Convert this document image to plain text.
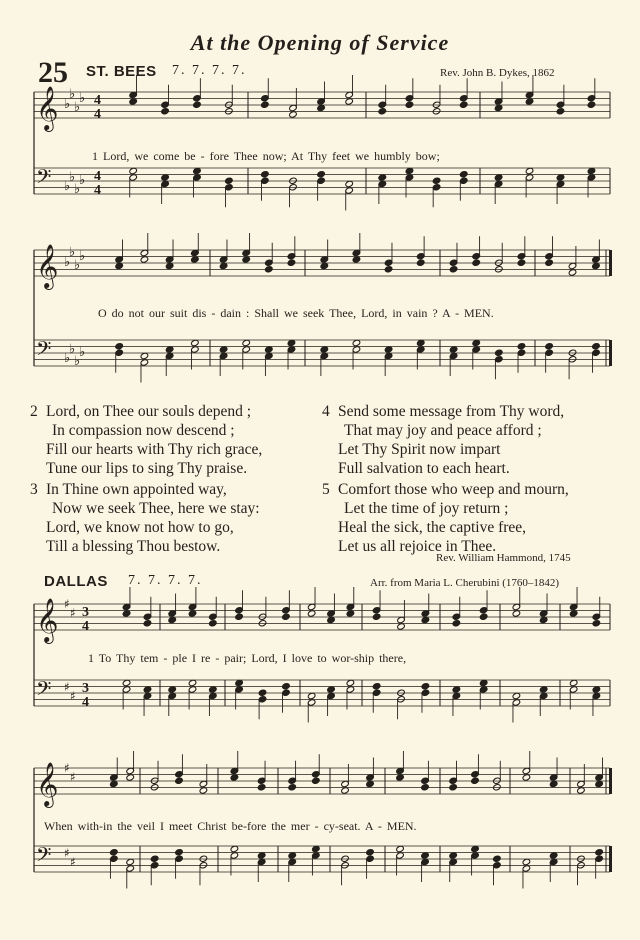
At the Opening of Service
25 ST. BEES 7. 7. 7. 7.	Rev. John B. Dykes, 1862
𝄞 ♭
♭
♭
♭ 4
4
𝄢 ♭
♭
♭
♭ 4
4
𝄞 ♭
♭
♭
♭
𝄢 ♭
♭
♭
♭
𝄞 ♯
♯ 3
4
𝄢 ♯
♯ 3
4
𝄞 ♯
♯
𝄢 ♯
♯
1 Lord, we come be - fore Thee now; At Thy feet we humbly bow;
O do not our suit dis - dain : Shall we seek Thee, Lord, in vain ? A - MEN.
2 Lord, on Thee our souls depend ;
In compassion now descend ;
Fill our hearts with Thy rich grace,
Tune our lips to sing Thy praise.
4 Send some message from Thy word,
That may joy and peace afford ;
Let Thy Spirit now impart
Full salvation to each heart.
3 In Thine own appointed way,
Now we seek Thee, here we stay:
Lord, we know not how to go,
Till a blessing Thou bestow.
5 Comfort those who weep and mourn,
Let the time of joy return ;
Heal the sick, the captive free,
Let us all rejoice in Thee.
Rev. William Hammond, 1745
DALLAS 7. 7. 7. 7.	Arr. from Maria L. Cherubini (1760–1842)
1 To Thy tem - ple I re - pair; Lord, I love to wor-ship there,
When with-in the veil I meet Christ be-fore the mer - cy-seat. A - MEN.
